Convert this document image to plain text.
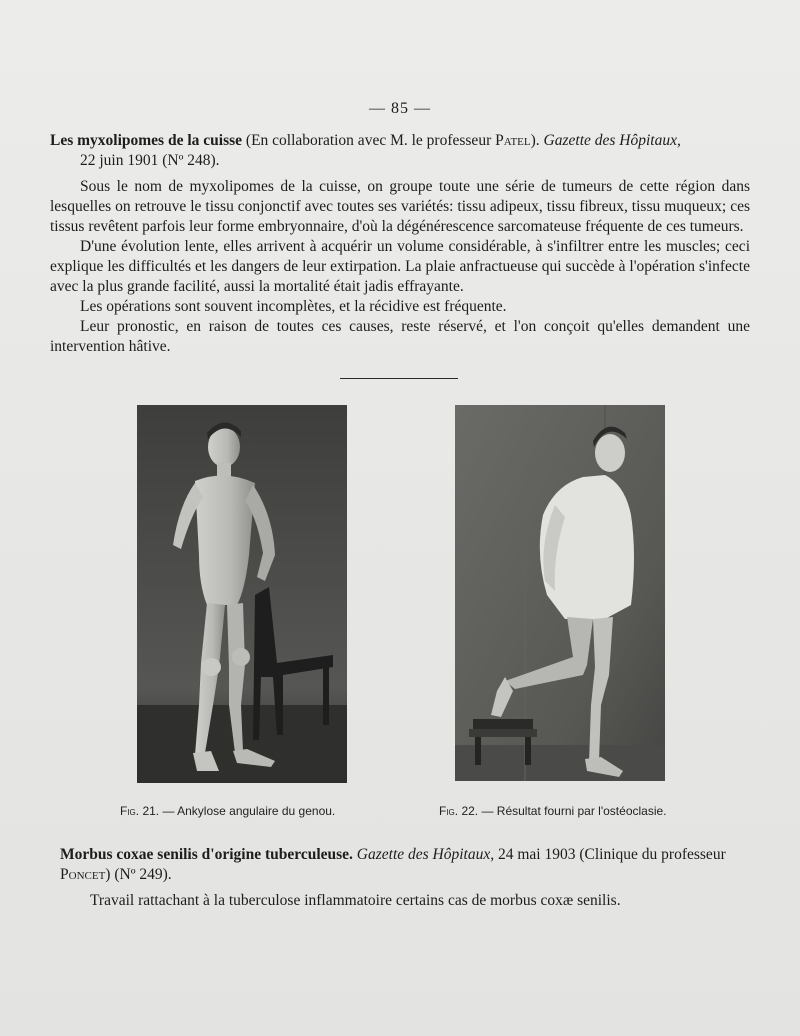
— 85 —
Les myxolipomes de la cuisse (En collaboration avec M. le professeur Patel). Gazette des Hôpitaux,
22 juin 1901 (Nº 248).

Sous le nom de myxolipomes de la cuisse, on groupe toute une série de tumeurs de cette région dans lesquelles on retrouve le tissu conjonctif avec toutes ses variétés: tissu adipeux, tissu fibreux, tissu muqueux; ces tissus revêtent parfois leur forme embryonnaire, d'où la dégénérescence sarcomateuse fréquente de ces tumeurs.

D'une évolution lente, elles arrivent à acquérir un volume considérable, à s'infiltrer entre les muscles; ceci explique les difficultés et les dangers de leur extirpation. La plaie anfractueuse qui succède à l'opération s'infecte avec la plus grande facilité, aussi la mortalité était jadis effrayante.

Les opérations sont souvent incomplètes, et la récidive est fréquente.

Leur pronostic, en raison de toutes ces causes, reste réservé, et l'on conçoit qu'elles demandent une intervention hâtive.

Fig. 21. — Ankylose angulaire du genou.	Fig. 22. — Résultat fourni par l'ostéoclasie.
Morbus coxae senilis d'origine tuberculeuse. Gazette des Hôpitaux, 24 mai 1903 (Clinique du professeur Poncet) (Nº 249).

Travail rattachant à la tuberculose inflammatoire certains cas de morbus coxæ senilis.
